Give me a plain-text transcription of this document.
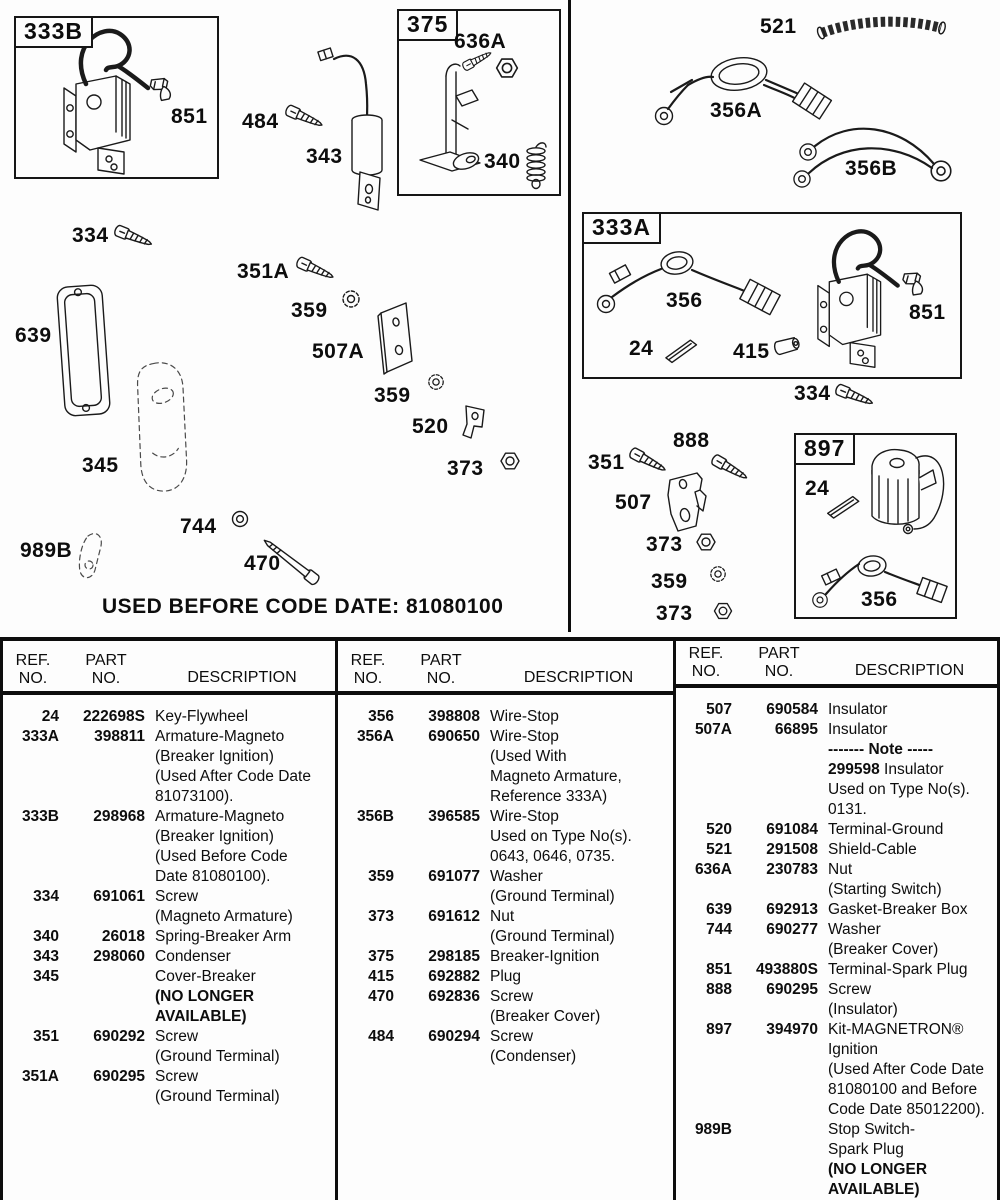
333B	375
333A
897
851 484
343
636A
340
521
356A
356B
356
24	415
851
334
334
351A
359
507A
359
520
373
639
345
744
470
989B
888
351
507
373
359
373
24
356
USED BEFORE CODE DATE: 81080100
REF.
NO.
PART
NO.	DESCRIPTION
24	222698S Key-Flywheel
333A	398811 Armature-Magneto
(Breaker Ignition)
(Used After Code Date
81073100).
333B	298968 Armature-Magneto
(Breaker Ignition)
(Used Before Code
Date 81080100).
334	691061 Screw
(Magneto Armature)
340	26018 Spring-Breaker Arm
343	298060 Condenser
345	Cover-Breaker
(NO LONGER
AVAILABLE)
351	690292 Screw
(Ground Terminal)
351A	690295 Screw
(Ground Terminal)
REF.
NO.
PART
NO.	DESCRIPTION
356	398808 Wire-Stop
356A	690650 Wire-Stop
(Used With
Magneto Armature,
Reference 333A)
356B	396585 Wire-Stop
Used on Type No(s).
0643, 0646, 0735.
359	691077 Washer
(Ground Terminal)
373	691612 Nut
(Ground Terminal)
375	298185 Breaker-Ignition
415	692882 Plug
470	692836 Screw
(Breaker Cover)
484	690294 Screw
(Condenser)
REF.
NO.
PART
NO.	DESCRIPTION
507	690584 Insulator
507A	66895 Insulator
------- Note -----
299598 Insulator
Used on Type No(s).
0131.
520	691084 Terminal-Ground
521	291508 Shield-Cable
636A	230783 Nut
(Starting Switch)
639	692913 Gasket-Breaker Box
744	690277 Washer
(Breaker Cover)
851	493880S Terminal-Spark Plug
888	690295 Screw
(Insulator)
897	394970 Kit-MAGNETRON®
Ignition
(Used After Code Date
81080100 and Before
Code Date 85012200).
989B	Stop Switch-
Spark Plug
(NO LONGER
AVAILABLE)
